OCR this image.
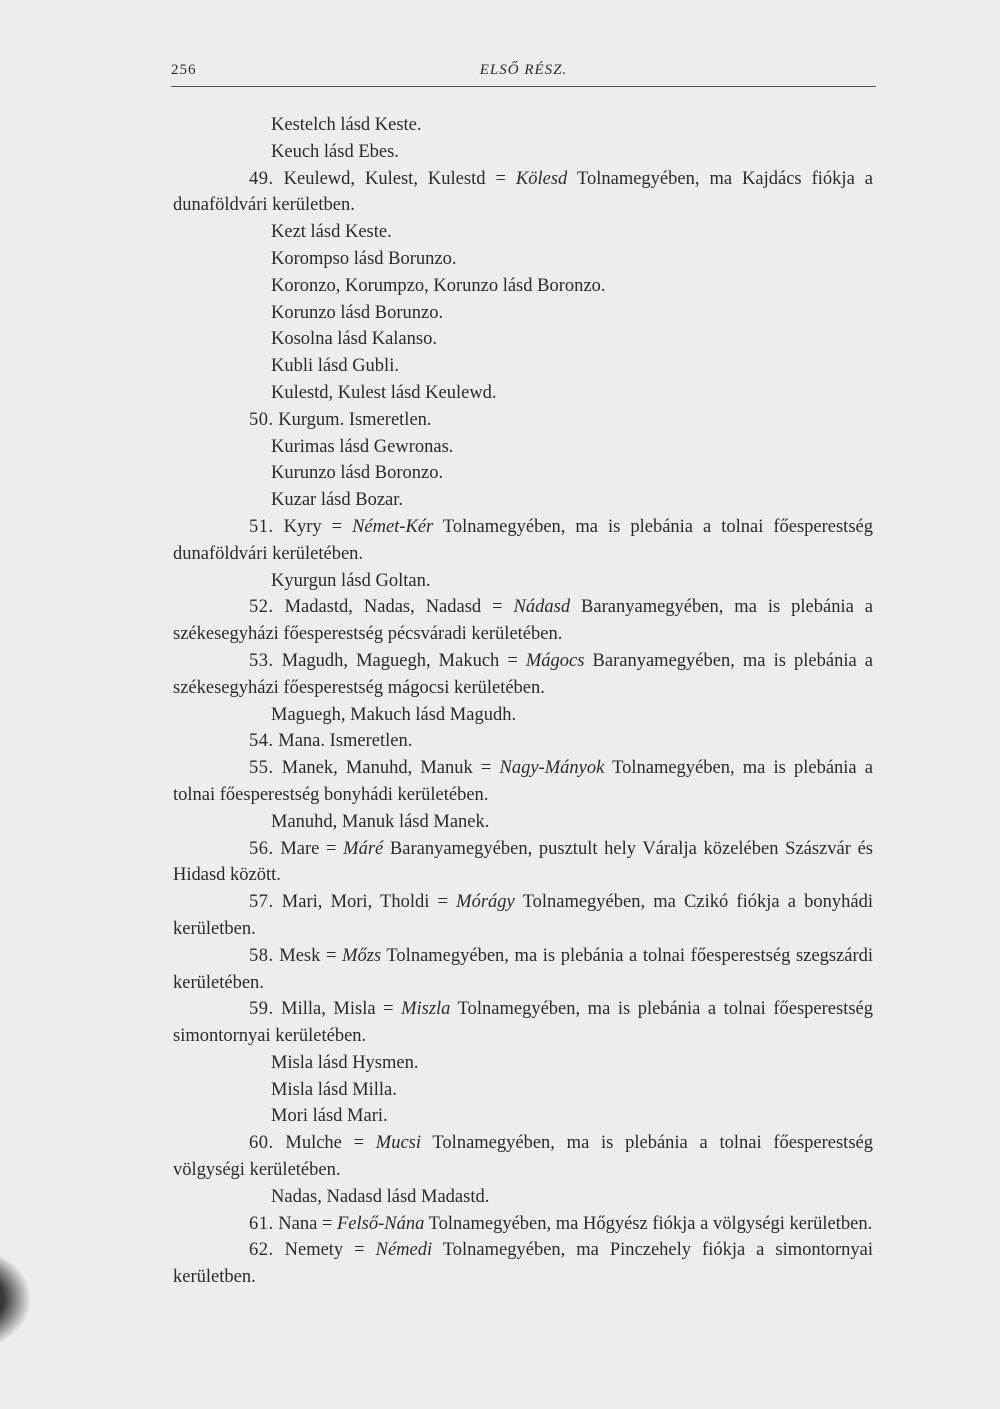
256	ELSŐ RÉSZ.
Kestelch lásd Keste.
Keuch lásd Ebes.
49. Keulewd, Kulest, Kulestd = Kölesd Tolnamegyében, ma Kajdács fiókja a dunaföldvári kerületben.
Kezt lásd Keste.
Korompso lásd Borunzo.
Koronzo, Korumpzo, Korunzo lásd Boronzo.
Korunzo lásd Borunzo.
Kosolna lásd Kalanso.
Kubli lásd Gubli.
Kulestd, Kulest lásd Keulewd.
50. Kurgum. Ismeretlen.
Kurimas lásd Gewronas.
Kurunzo lásd Boronzo.
Kuzar lásd Bozar.
51. Kyry = Német-Kér Tolnamegyében, ma is plebánia a tolnai főesperestség dunaföldvári kerületében.
Kyurgun lásd Goltan.
52. Madastd, Nadas, Nadasd = Nádasd Baranyamegyében, ma is plebánia a székesegyházi főesperestség pécsváradi kerületében.
53. Magudh, Maguegh, Makuch = Mágocs Baranyamegyében, ma is plebánia a székesegyházi főesperestség mágocsi kerületében.
Maguegh, Makuch lásd Magudh.
54. Mana. Ismeretlen.
55. Manek, Manuhd, Manuk = Nagy-Mányok Tolnamegyében, ma is plebánia a tolnai főesperestség bonyhádi kerületében.
Manuhd, Manuk lásd Manek.
56. Mare = Máré Baranyamegyében, pusztult hely Váralja közelében Szászvár és Hidasd között.
57. Mari, Mori, Tholdi = Mórágy Tolnamegyében, ma Czikó fiókja a bonyhádi kerületben.
58. Mesk = Mőzs Tolnamegyében, ma is plebánia a tolnai főesperestség szegszárdi kerületében.
59. Milla, Misla = Miszla Tolnamegyében, ma is plebánia a tolnai főesperestség simontornyai kerületében.
Misla lásd Hysmen.
Misla lásd Milla.
Mori lásd Mari.
60. Mulche = Mucsi Tolnamegyében, ma is plebánia a tolnai főesperestség völgységi kerületében.
Nadas, Nadasd lásd Madastd.
61. Nana = Felső-Nána Tolnamegyében, ma Hőgyész fiókja a völgységi kerületben.
62. Nemety = Némedi Tolnamegyében, ma Pinczehely fiókja a simontornyai kerületben.
